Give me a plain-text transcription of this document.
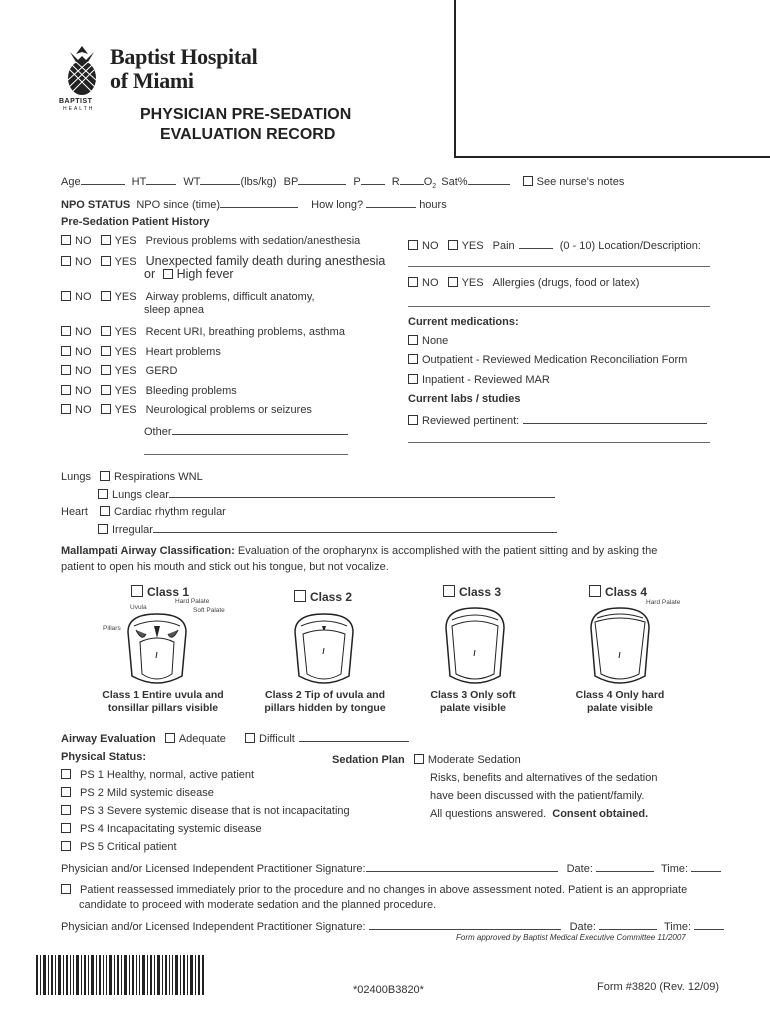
BAPTIST
HEALTH
Baptist Hospital
of Miami
PHYSICIAN PRE-SEDATION
EVALUATION RECORD
Age	HT	WT	(lbs/kg) BP	P	R $O_2$ Sat%	See nurse's notes
NPO STATUS NPO since (time)	How long?	hours
Pre-Sedation Patient History
NO YES Previous problems with sedation/anesthesia
NO YES Unexpected family death during anesthesia
or High fever
NO YES Airway problems, difficult anatomy,
sleep apnea
NO YES Recent URI, breathing problems, asthma
NO YES Heart problems
NO YES GERD
NO YES Bleeding problems
NO YES Neurological problems or seizures
Other
NO YES Pain	(0 - 10) Location/Description:
NO YES Allergies (drugs, food or latex)
Current medications:
None
Outpatient - Reviewed Medication Reconciliation Form
Inpatient - Reviewed MAR
Current labs / studies
Reviewed pertinent:
Lungs Respirations WNL
Lungs clear
Heart Cardiac rhythm regular
Irregular
Mallampati Airway Classification: Evaluation of the oropharynx is accomplished with the patient sitting and by asking the
patient to open his mouth and stick out his tongue, but not vocalize.
Class 1	Class 2	Class 3	Class 4
Hard Palate
Uvula	Soft Palate
Pillars
Hard Palate
Class 1 Entire uvula and
tonsillar pillars visible
Class 2 Tip of uvula and
pillars hidden by tongue
Class 3 Only soft
palate visible
Class 4 Only hard
palate visible
Airway Evaluation Adequate	Difficult
Physical Status:
PS 1 Healthy, normal, active patient
PS 2 Mild systemic disease
PS 3 Severe systemic disease that is not incapacitating
PS 4 Incapacitating systemic disease
PS 5 Critical patient
Sedation Plan Moderate Sedation
Risks, benefits and alternatives of the sedation
have been discussed with the patient/family.
All questions answered. Consent obtained.
Physician and/or Licensed Independent Practitioner Signature:	Date:	Time:
Patient reassessed immediately prior to the procedure and no changes in above assessment noted. Patient is an appropriate
candidate to proceed with moderate sedation and the planned procedure.
Physician and/or Licensed Independent Practitioner Signature:	Date:	Time:
Form approved by Baptist Medical Executive Committee 11/2007
*02400B3820*	Form #3820 (Rev. 12/09)
